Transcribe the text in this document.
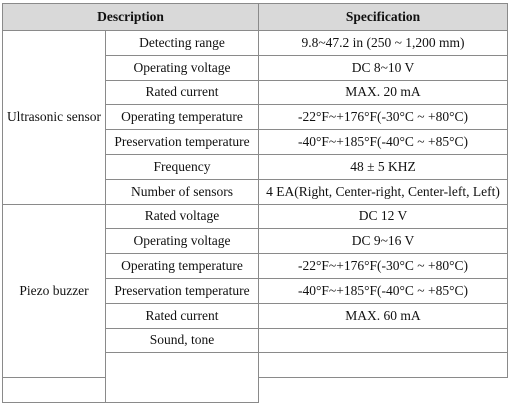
Description		Specification
Ultrasonic sensor	Detecting range	9.8~47.2 in (250 ~ 1,200 mm)
	Operating voltage	DC 8~10 V
	Rated current	MAX. 20 mA
	Operating temperature	-22°F~+176°F(-30°C ~ +80°C)
	Preservation temperature	-40°F~+185°F(-40°C ~ +85°C)
	Frequency	48 ± 5 KHZ
	Number of sensors	4 EA(Right, Center-right, Center-left, Left)
Piezo buzzer	Rated voltage	DC 12 V
	Operating voltage	DC 9~16 V
	Operating temperature	-22°F~+176°F(-30°C ~ +80°C)
	Preservation temperature	-40°F~+185°F(-40°C ~ +85°C)
	Rated current	MAX. 60 mA
	Sound, tone	
